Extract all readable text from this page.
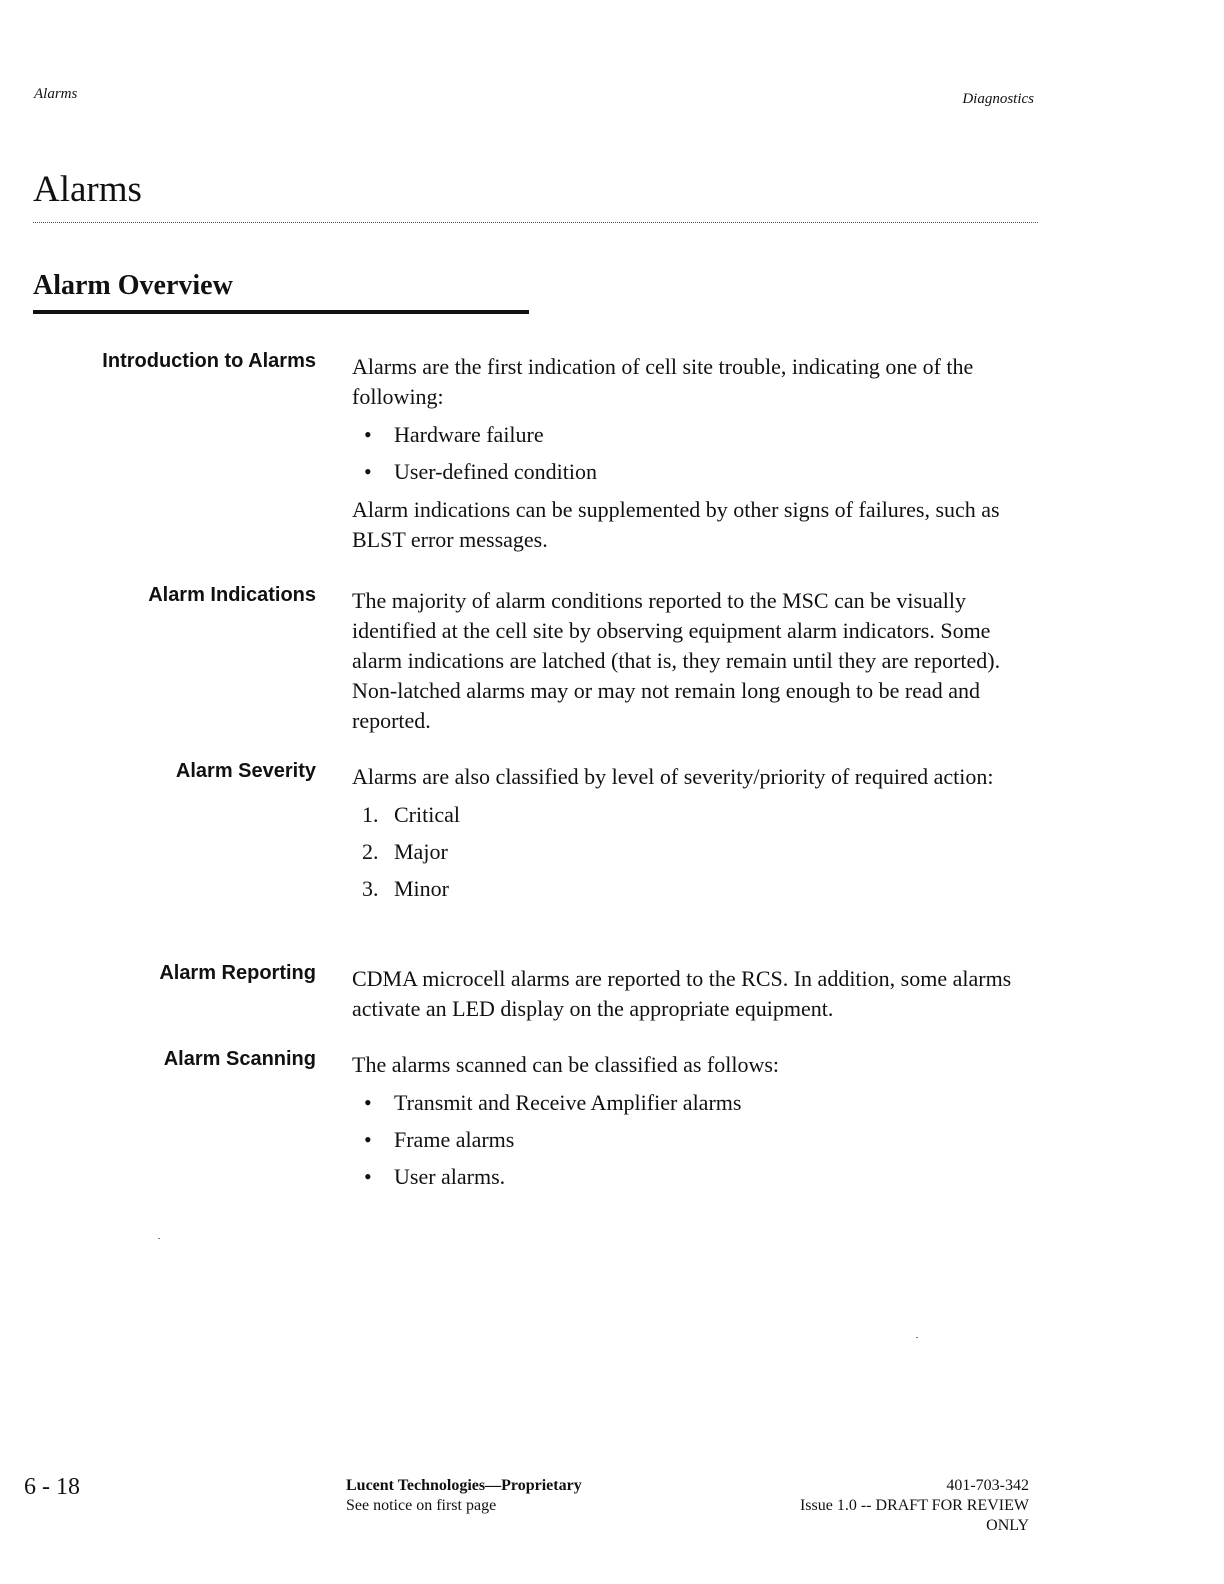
Alarms	Diagnostics
Alarms
Alarm Overview
Introduction to Alarms Alarms are the first indication of cell site trouble, indicating one of the following:

• Hardware failure
• User-defined condition

Alarm indications can be supplemented by other signs of failures, such as BLST error messages.

Alarm Indications The majority of alarm conditions reported to the MSC can be visually identified at the cell site by observing equipment alarm indicators. Some alarm indications are latched (that is, they remain until they are reported). Non-latched alarms may or may not remain long enough to be read and reported.

Alarm Severity Alarms are also classified by level of severity/priority of required action:

1. Critical
2. Major
3. Minor
Alarm Reporting CDMA microcell alarms are reported to the RCS. In addition, some alarms activate an LED display on the appropriate equipment.

Alarm Scanning The alarms scanned can be classified as follows:

• Transmit and Receive Amplifier alarms
• Frame alarms
• User alarms.
6 - 18	Lucent Technologies—Proprietary
See notice on first page
401-703-342
Issue 1.0 -- DRAFT FOR REVIEW
ONLY
